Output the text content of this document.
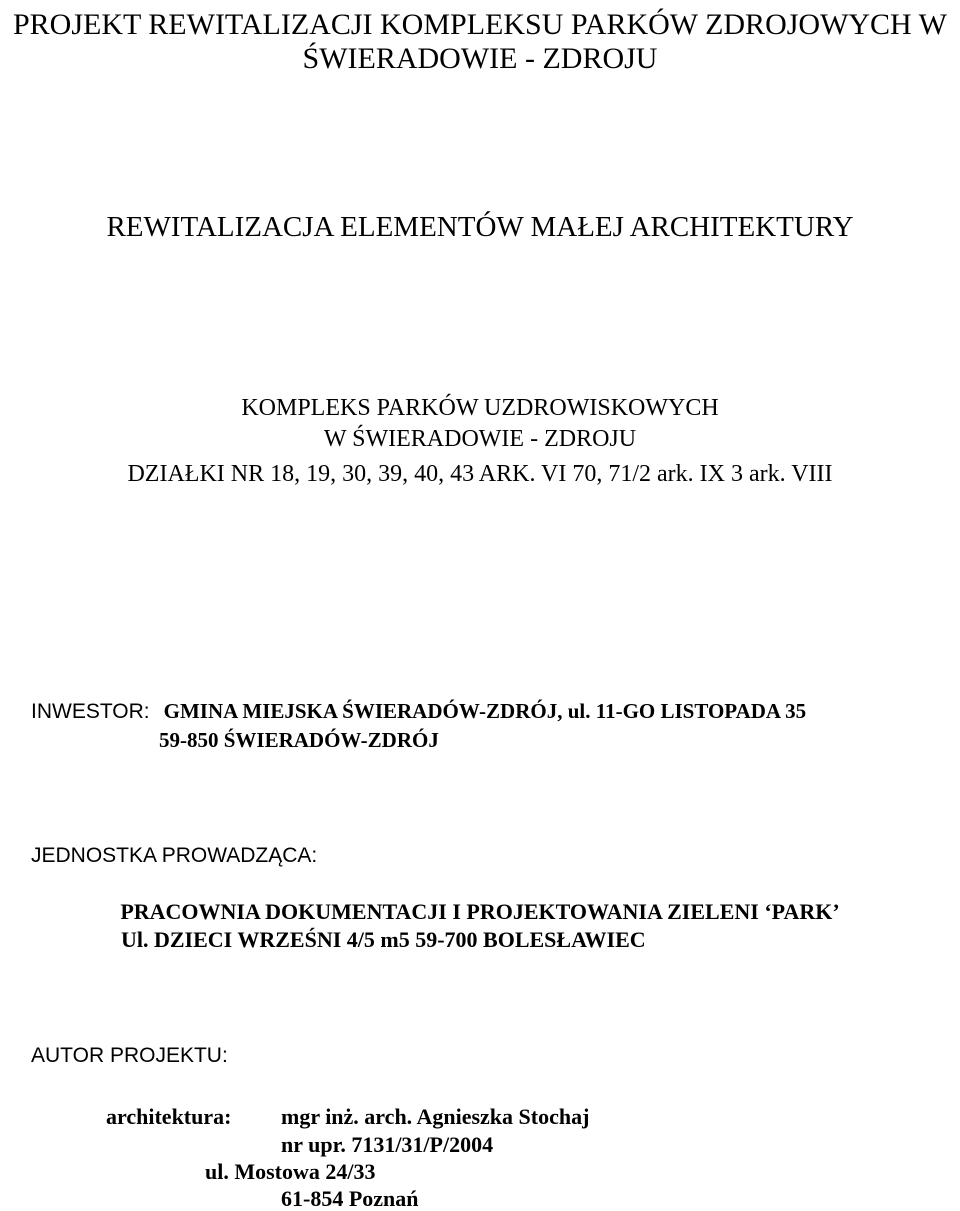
PROJEKT REWITALIZACJI KOMPLEKSU PARKÓW ZDROJOWYCH W
ŚWIERADOWIE - ZDROJU
REWITALIZACJA ELEMENTÓW MAŁEJ ARCHITEKTURY
KOMPLEKS PARKÓW UZDROWISKOWYCH
W ŚWIERADOWIE - ZDROJU
DZIAŁKI NR 18, 19, 30, 39, 40, 43 ARK. VI 70, 71/2 ark. IX 3 ark. VIII
INWESTOR: GMINA MIEJSKA ŚWIERADÓW-ZDRÓJ, ul. 11-GO LISTOPADA 35
59-850 ŚWIERADÓW-ZDRÓJ
JEDNOSTKA PROWADZĄCA:
PRACOWNIA DOKUMENTACJI I PROJEKTOWANIA ZIELENI ‘PARK’
Ul. DZIECI WRZEŚNI 4/5 m5 59-700 BOLESŁAWIEC
AUTOR PROJEKTU:
architektura: mgr inż. arch. Agnieszka Stochaj
nr upr. 7131/31/P/2004
ul. Mostowa 24/33
61-854 Poznań
